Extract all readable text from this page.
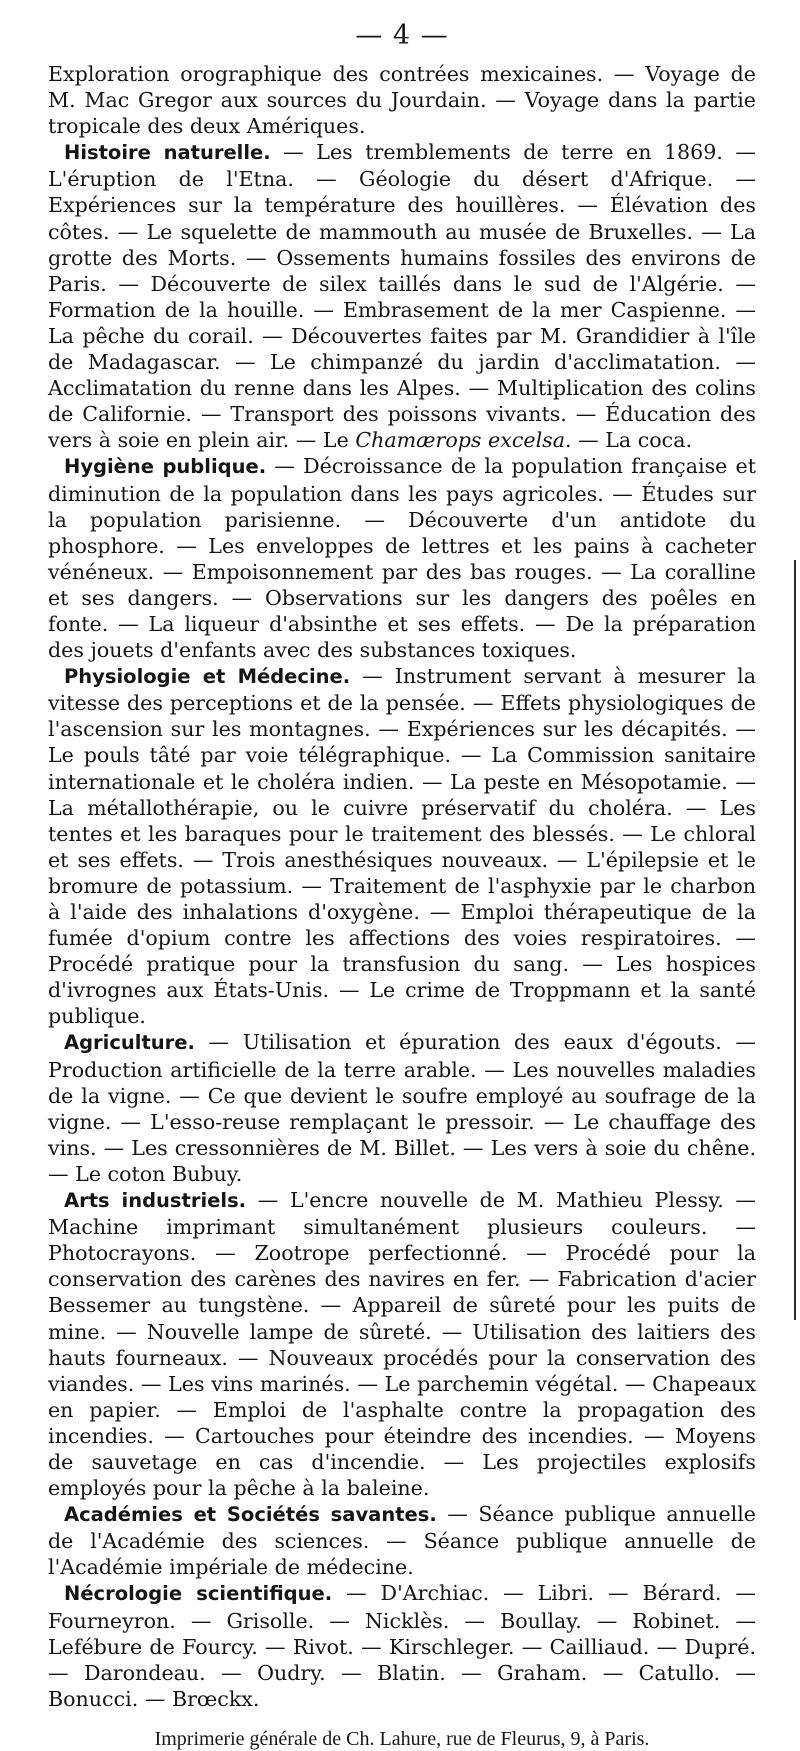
— 4 —
Exploration orographique des contrées mexicaines. — Voyage de M. Mac Gregor aux sources du Jourdain. — Voyage dans la partie tropicale des deux Amériques.
Histoire naturelle. — Les tremblements de terre en 1869. — L'éruption de l'Etna. — Géologie du désert d'Afrique. — Expériences sur la température des houillères. — Élévation des côtes. — Le squelette de mammouth au musée de Bruxelles. — La grotte des Morts. — Ossements humains fossiles des environs de Paris. — Découverte de silex taillés dans le sud de l'Algérie. — Formation de la houille. — Embrasement de la mer Caspienne. — La pêche du corail. — Découvertes faites par M. Grandidier à l'île de Madagascar. — Le chimpanzé du jardin d'acclimatation. — Acclimatation du renne dans les Alpes. — Multiplication des colins de Californie. — Transport des poissons vivants. — Éducation des vers à soie en plein air. — Le Chamærops excelsa. — La coca.
Hygiène publique. — Décroissance de la population française et diminution de la population dans les pays agricoles. — Études sur la population parisienne. — Découverte d'un antidote du phosphore. — Les enveloppes de lettres et les pains à cacheter vénéneux. — Empoisonnement par des bas rouges. — La coralline et ses dangers. — Observations sur les dangers des poêles en fonte. — La liqueur d'absinthe et ses effets. — De la préparation des jouets d'enfants avec des substances toxiques.
Physiologie et Médecine. — Instrument servant à mesurer la vitesse des perceptions et de la pensée. — Effets physiologiques de l'ascension sur les montagnes. — Expériences sur les décapités. — Le pouls tâté par voie télégraphique. — La Commission sanitaire internationale et le choléra indien. — La peste en Mésopotamie. — La métallothérapie, ou le cuivre préservatif du choléra. — Les tentes et les baraques pour le traitement des blessés. — Le chloral et ses effets. — Trois anesthésiques nouveaux. — L'épilepsie et le bromure de potassium. — Traitement de l'asphyxie par le charbon à l'aide des inhalations d'oxygène. — Emploi thérapeutique de la fumée d'opium contre les affections des voies respiratoires. — Procédé pratique pour la transfusion du sang. — Les hospices d'ivrognes aux États-Unis. — Le crime de Troppmann et la santé publique.
Agriculture. — Utilisation et épuration des eaux d'égouts. — Production artificielle de la terre arable. — Les nouvelles maladies de la vigne. — Ce que devient le soufre employé au soufrage de la vigne. — L'esso-reuse remplaçant le pressoir. — Le chauffage des vins. — Les cressonnières de M. Billet. — Les vers à soie du chêne. — Le coton Bubuy.
Arts industriels. — L'encre nouvelle de M. Mathieu Plessy. — Machine imprimant simultanément plusieurs couleurs. — Photocrayons. — Zootrope perfectionné. — Procédé pour la conservation des carènes des navires en fer. — Fabrication d'acier Bessemer au tungstène. — Appareil de sûreté pour les puits de mine. — Nouvelle lampe de sûreté. — Utilisation des laitiers des hauts fourneaux. — Nouveaux procédés pour la conservation des viandes. — Les vins marinés. — Le parchemin végétal. — Chapeaux en papier. — Emploi de l'asphalte contre la propagation des incendies. — Cartouches pour éteindre des incendies. — Moyens de sauvetage en cas d'incendie. — Les projectiles explosifs employés pour la pêche à la baleine.
Académies et Sociétés savantes. — Séance publique annuelle de l'Académie des sciences. — Séance publique annuelle de l'Académie impériale de médecine.
Nécrologie scientifique. — D'Archiac. — Libri. — Bérard. — Fourneyron. — Grisolle. — Nicklès. — Boullay. — Robinet. — Lefébure de Fourcy. — Rivot. — Kirschleger. — Cailliaud. — Dupré. — Darondeau. — Oudry. — Blatin. — Graham. — Catullo. — Bonucci. — Brœckx.
Imprimerie générale de Ch. Lahure, rue de Fleurus, 9, à Paris.
